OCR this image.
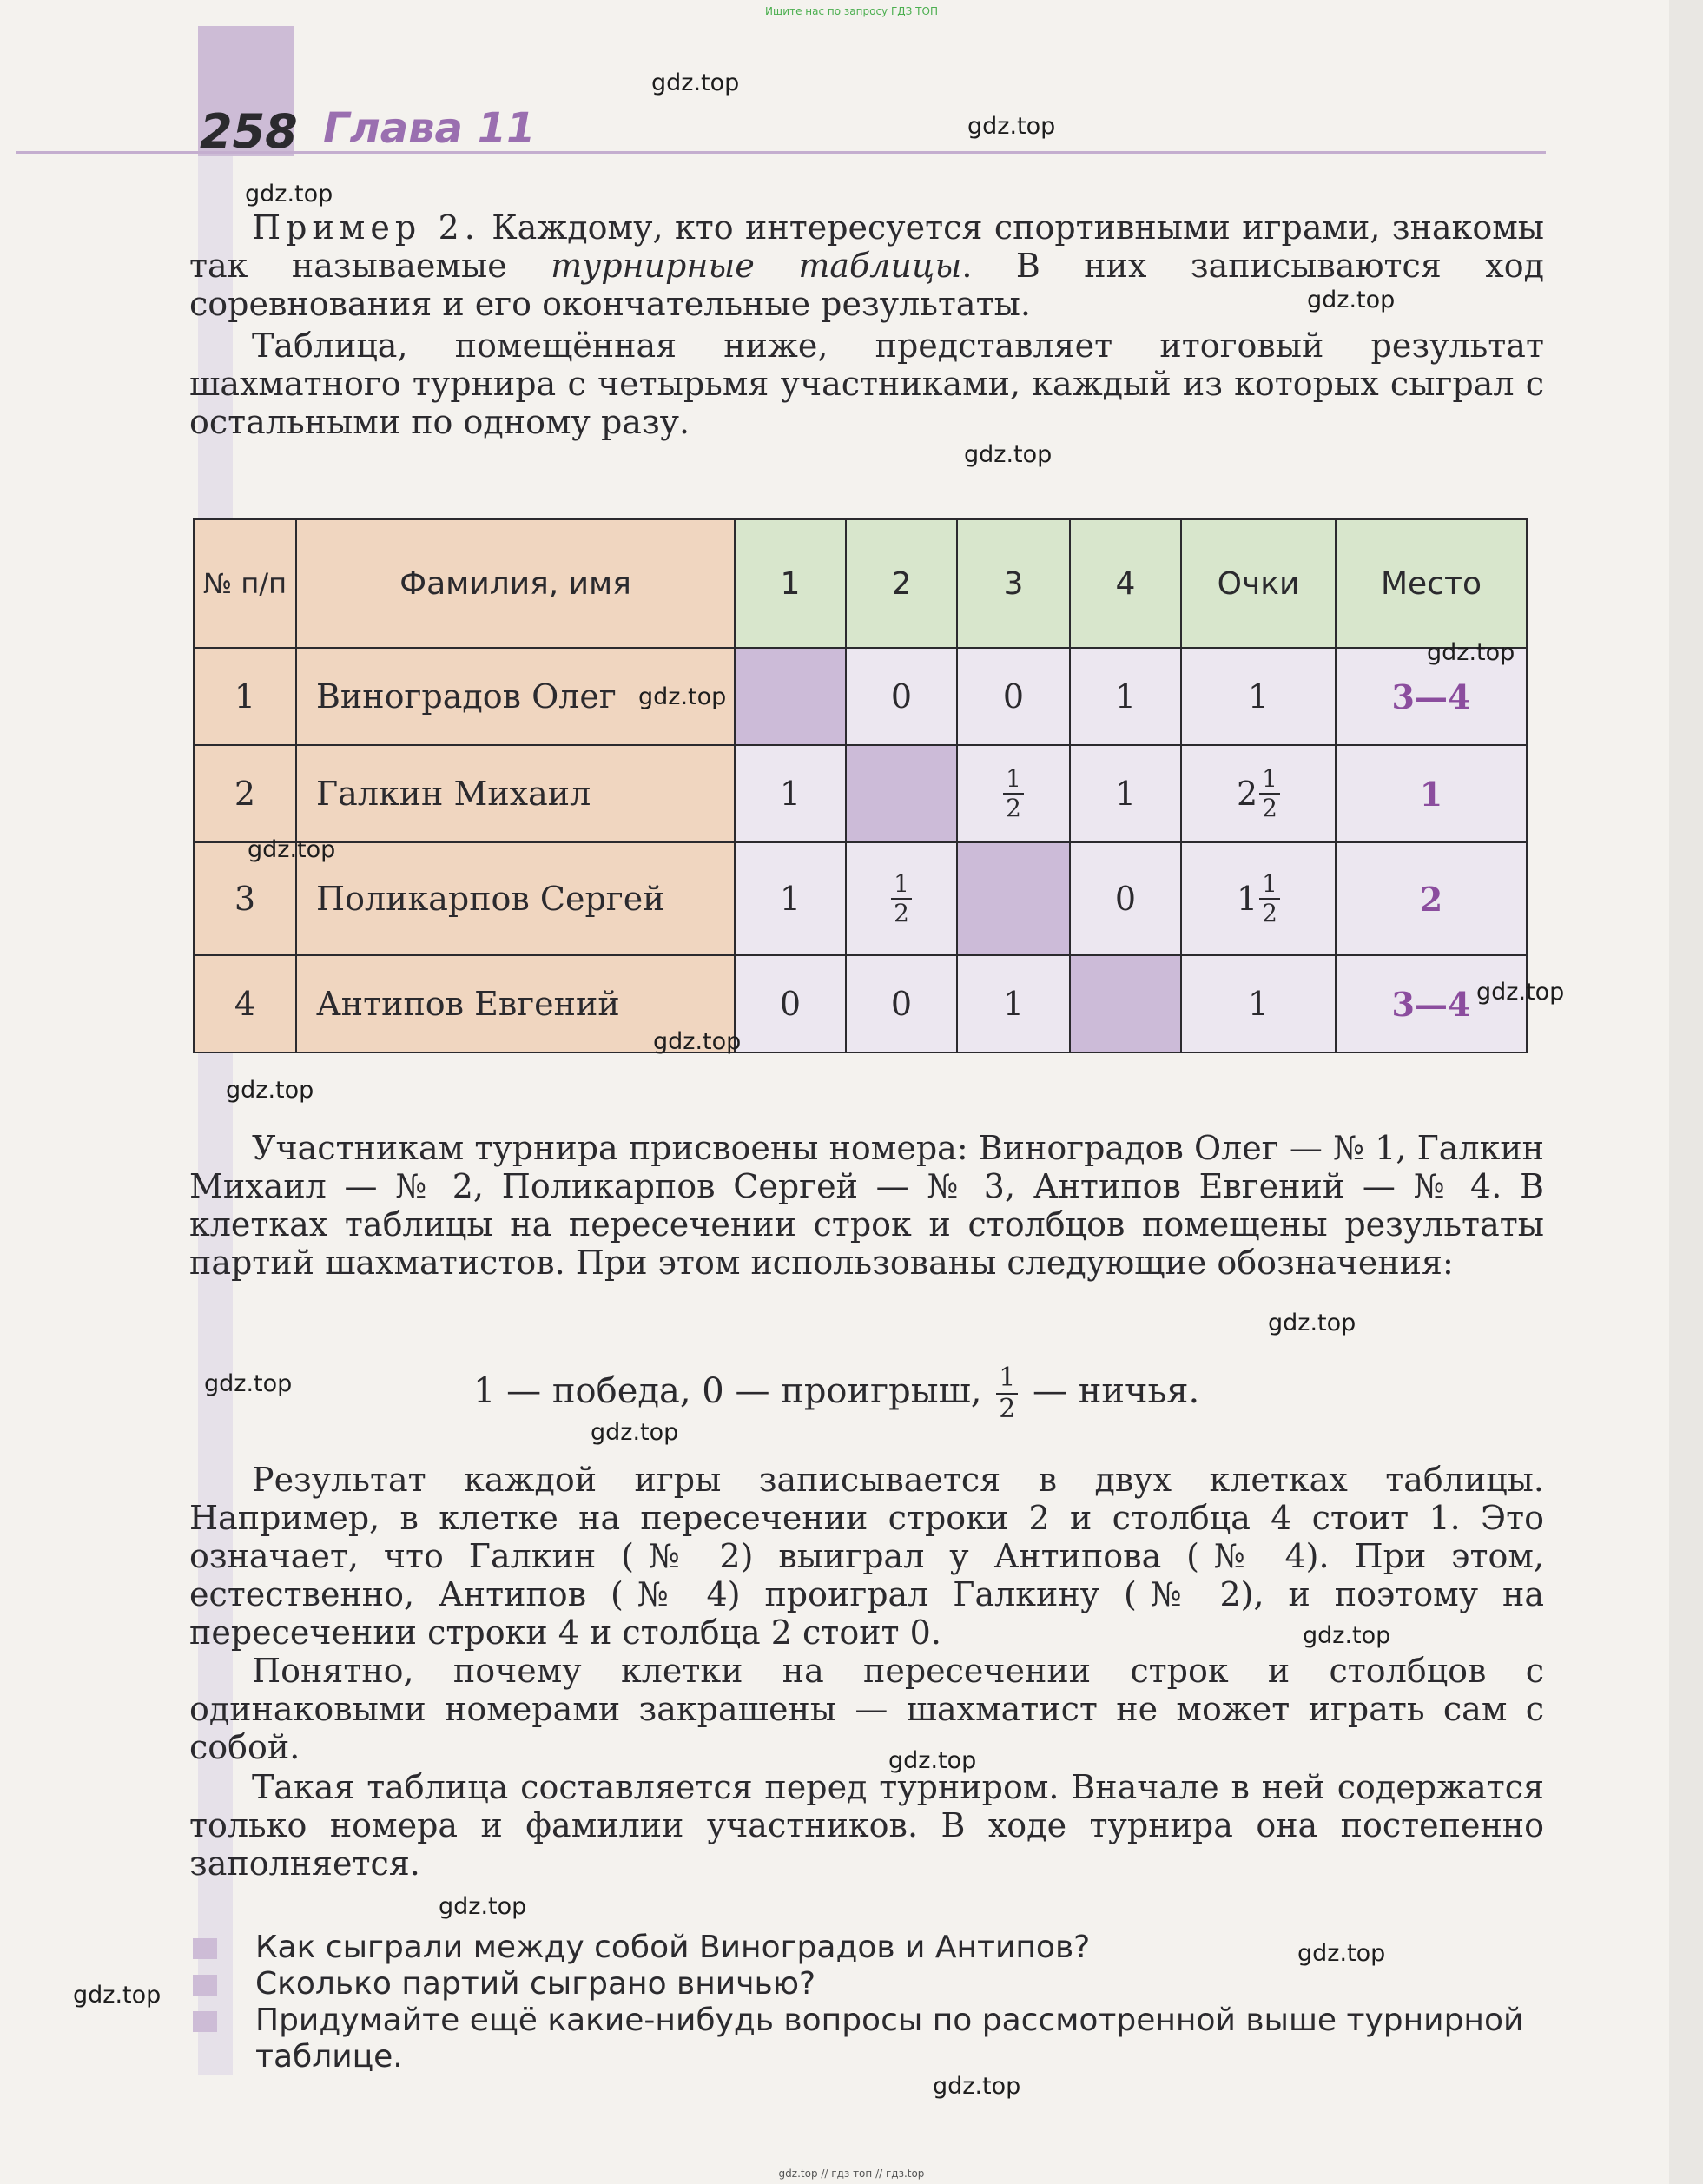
Ищите нас по запросу ГДЗ ТОП
258 Глава 11
Пример 2. Каждому, кто интересуется спортивными играми, знакомы так называемые турнирные таблицы. В них записываются ход соревнования и его окончательные результаты.
Таблица, помещённая ниже, представляет итоговый результат шахматного турнира с четырьмя участниками, каждый из которых сыграл с остальными по одному разу.
№ п/п	Фамилия, имя	1	2	3	4	Очки	Место
1	Виноградов Олег		0	0	1	1	3—4
2	Галкин Михаил	1		$\frac{1}{2}$	1	$2 \frac{1}{2}$	1
3	Поликарпов Сергей	1	$\frac{1}{2}$		0	$1 \frac{1}{2}$	2
4	Антипов Евгений	0	0	1		1	3—4
Участникам турнира присвоены номера: Виноградов Олег — № 1, Галкин Михаил — № 2, Поликарпов Сергей — № 3, Антипов Евгений — № 4. В клетках таблицы на пересечении строк и столбцов помещены результаты партий шахматистов. При этом использованы следующие обозначения:
1 — победа, 0 — проигрыш, $\frac{1}{2}$ — ничья.
Результат каждой игры записывается в двух клетках таблицы. Например, в клетке на пересечении строки 2 и столбца 4 стоит 1. Это означает, что Галкин (№ 2) выиграл у Антипова (№ 4). При этом, естественно, Антипов (№ 4) проиграл Галкину (№ 2), и поэтому на пересечении строки 4 и столбца 2 стоит 0.
Понятно, почему клетки на пересечении строк и столбцов с одинаковыми номерами закрашены — шахматист не может играть сам с собой.
Такая таблица составляется перед турниром. Вначале в ней содержатся только номера и фамилии участников. В ходе турнира она постепенно заполняется.
Как сыграли между собой Виноградов и Антипов?
Сколько партий сыграно вничью?
Придумайте ещё какие-нибудь вопросы по рассмотренной выше турнирной таблице.
gdz.top
gdz.top
gdz.top
gdz.top
gdz.top
gdz.top
gdz.top
gdz.top
gdz.top
gdz.top
gdz.top
gdz.top
gdz.top
gdz.top
gdz.top
gdz.top
gdz.top
gdz.top
gdz.top
gdz.top
gdz.top // гдз топ // гдз.top
